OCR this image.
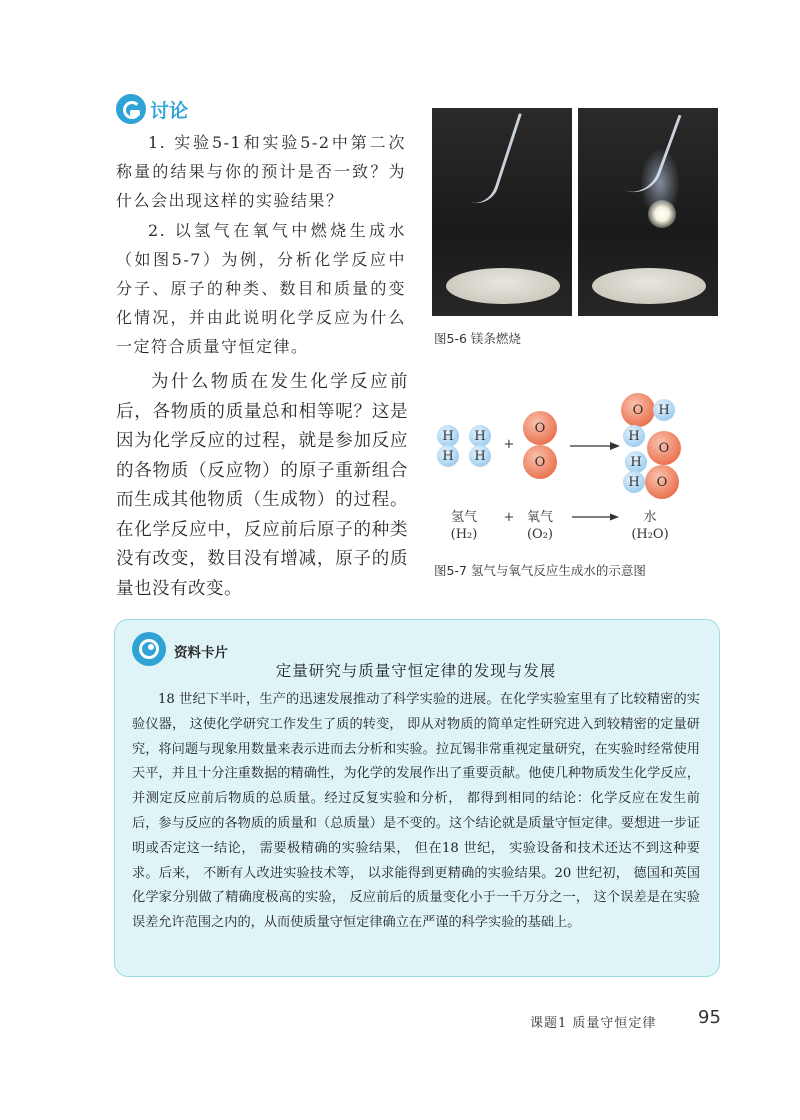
讨论
1. 实验5-1和实验5-2中第二次称量的结果与你的预计是否一致？为什么会出现这样的实验结果？
2. 以氢气在氧气中燃烧生成水（如图5-7）为例，分析化学反应中分子、原子的种类、数目和质量的变化情况，并由此说明化学反应为什么一定符合质量守恒定律。	图5-6 镁条燃烧
为什么物质在发生化学反应前后，各物质的质量总和相等呢？这是因为化学反应的过程，就是参加反应的各物质（反应物）的原子重新组合而生成其他物质（生成物）的过程。在化学反应中，反应前后原子的种类没有改变，数目没有增减，原子的质量也没有改变。
H
H
H
H
+
O
O
O H
H
H
O
H O
氢气
(H₂)
+ 氧气
(O₂)
水
(H₂O)
图5-7 氢气与氧气反应生成水的示意图
资料卡片
定量研究与质量守恒定律的发现与发展
18 世纪下半叶，生产的迅速发展推动了科学实验的进展。在化学实验室里有了比较精密的实验仪器， 这使化学研究工作发生了质的转变， 即从对物质的简单定性研究进入到较精密的定量研究，将问题与现象用数量来表示进而去分析和实验。拉瓦锡非常重视定量研究，在实验时经常使用天平，并且十分注重数据的精确性，为化学的发展作出了重要贡献。他使几种物质发生化学反应， 并测定反应前后物质的总质量。经过反复实验和分析， 都得到相同的结论：化学反应在发生前后，参与反应的各物质的质量和（总质量）是不变的。这个结论就是质量守恒定律。要想进一步证明或否定这一结论， 需要极精确的实验结果， 但在18 世纪， 实验设备和技术还达不到这种要求。后来， 不断有人改进实验技术等， 以求能得到更精确的实验结果。20 世纪初， 德国和英国化学家分别做了精确度极高的实验， 反应前后的质量变化小于一千万分之一， 这个误差是在实验误差允许范围之内的，从而使质量守恒定律确立在严谨的科学实验的基础上。
课题1 质量守恒定律 95
